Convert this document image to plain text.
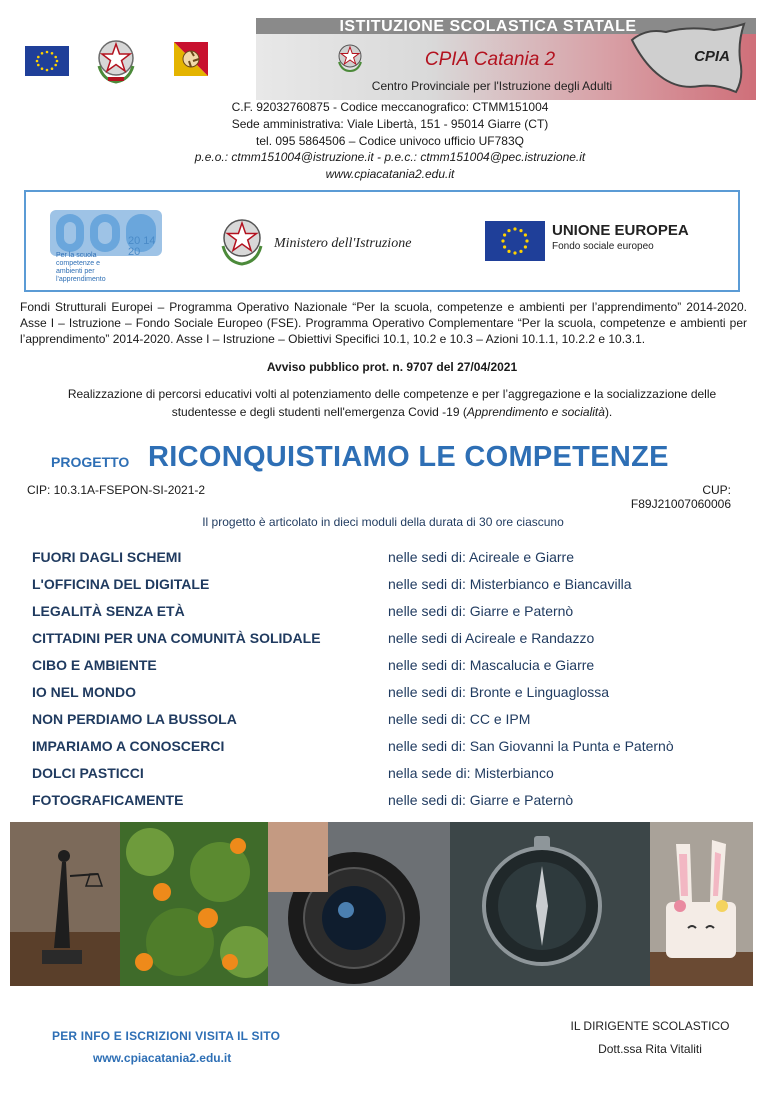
ISTITUZIONE SCOLASTICA STATALE
CPIA Catania 2
Centro Provinciale per l'Istruzione degli Adulti
CPIA
C.F. 92032760875 - Codice meccanografico: CTMM151004
Sede amministrativa: Viale Libertà, 151 - 95014 Giarre (CT)
tel. 095 5864506 – Codice univoco ufficio UF783Q
p.e.o.: ctmm151004@istruzione.it - p.e.c.: ctmm151004@pec.istruzione.it
www.cpiacatania2.edu.it
Per la scuola competenze e ambienti per l'apprendimento
20 14 20
Ministero dell'Istruzione
UNIONE EUROPEA
Fondo sociale europeo
Fondi Strutturali Europei – Programma Operativo Nazionale “Per la scuola, competenze e ambienti per l’apprendimento” 2014-2020. Asse I – Istruzione – Fondo Sociale Europeo (FSE). Programma Operativo Complementare “Per la scuola, competenze e ambienti per l’apprendimento” 2014-2020. Asse I – Istruzione – Obiettivi Specifici 10.1, 10.2 e 10.3 – Azioni 10.1.1, 10.2.2 e 10.3.1.
Avviso pubblico prot. n. 9707 del 27/04/2021
Realizzazione di percorsi educativi volti al potenziamento delle competenze e per l’aggregazione e la socializzazione delle studentesse e degli studenti nell'emergenza Covid -19 (Apprendimento e socialità).
PROGETTO RICONQUISTIAMO LE COMPETENZE
CIP: 10.3.1A-FSEPON-SI-2021-2	CUP: F89J21007060006
Il progetto è articolato in dieci moduli della durata di 30 ore ciascuno
FUORI DAGLI SCHEMI	nelle sedi di: Acireale e Giarre
L'OFFICINA DEL DIGITALE	nelle sedi di: Misterbianco e Biancavilla
LEGALITÀ SENZA ETÀ	nelle sedi di: Giarre e Paternò
CITTADINI PER UNA COMUNITÀ SOLIDALE	nelle sedi di Acireale e Randazzo
CIBO E AMBIENTE	nelle sedi di: Mascalucia e Giarre
IO NEL MONDO	nelle sedi di: Bronte e Linguaglossa
NON PERDIAMO LA BUSSOLA	nelle sedi di: CC e IPM
IMPARIAMO A CONOSCERCI	nelle sedi di: San Giovanni la Punta e Paternò
DOLCI PASTICCI	nella sede di: Misterbianco
FOTOGRAFICAMENTE	nelle sedi di: Giarre e Paternò
PER INFO E ISCRIZIONI VISITA IL SITO
www.cpiacatania2.edu.it
IL DIRIGENTE SCOLASTICO
Dott.ssa Rita Vitaliti
